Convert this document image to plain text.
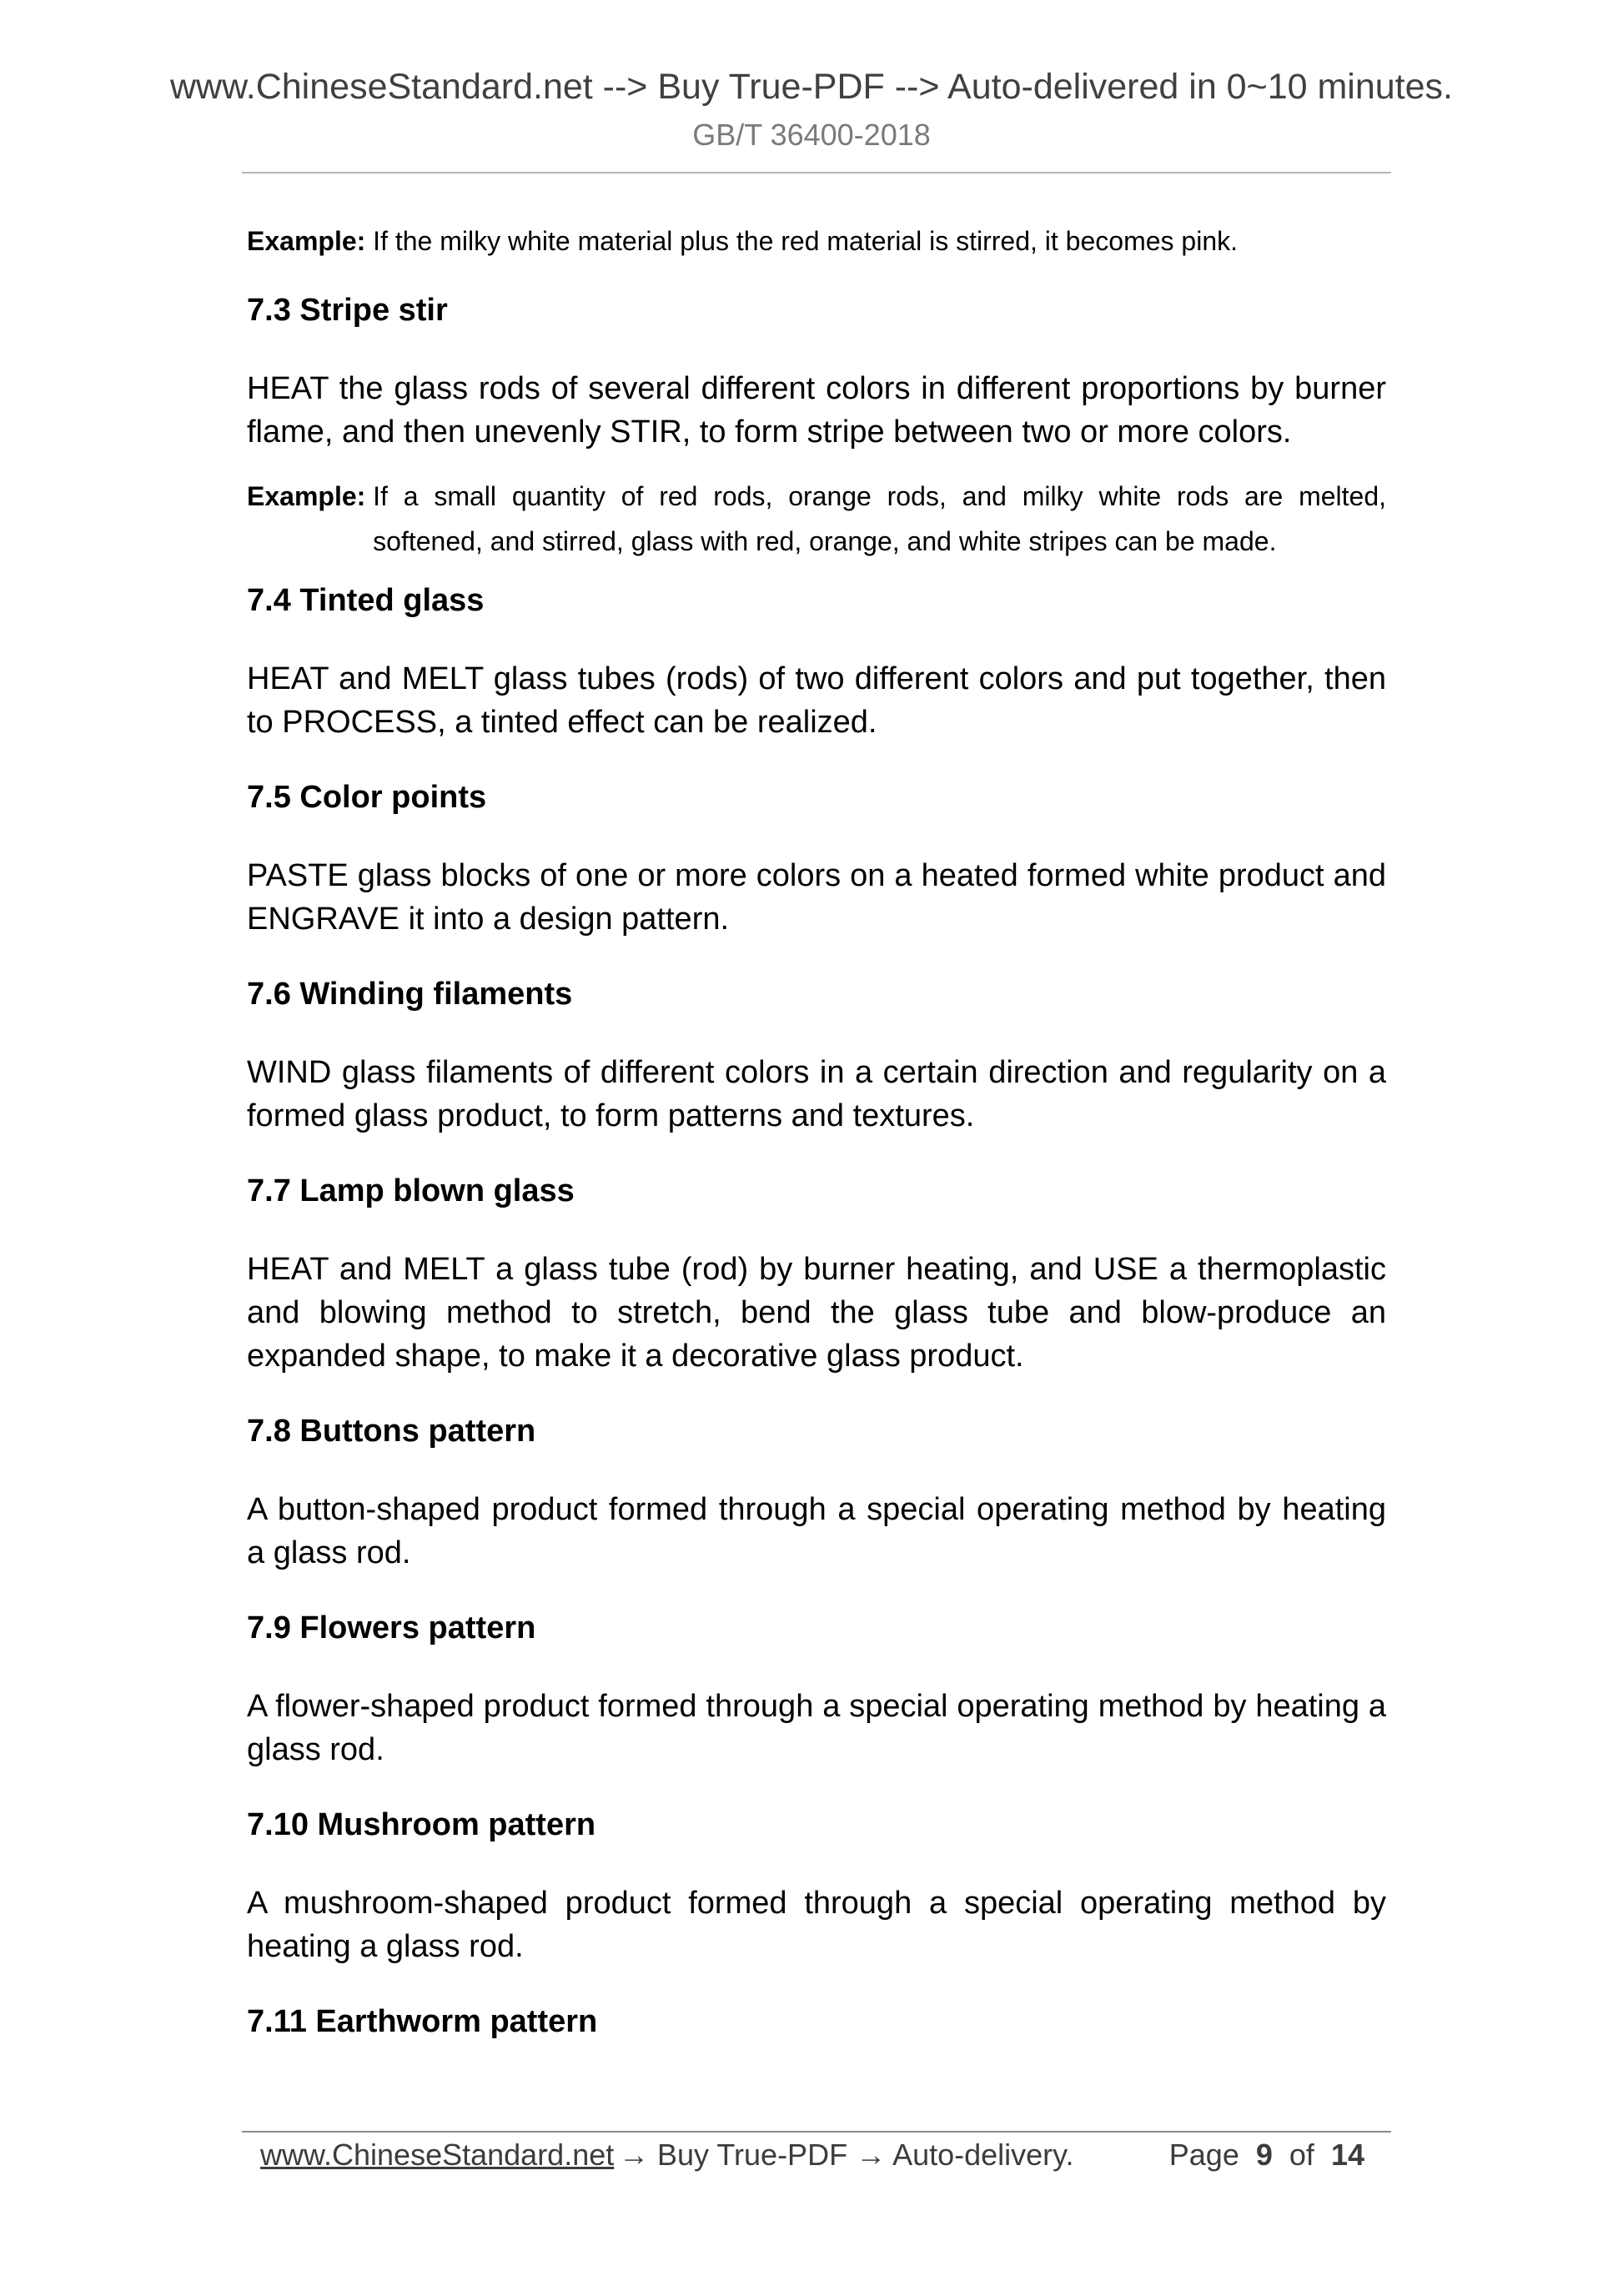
www.ChineseStandard.net --> Buy True-PDF --> Auto-delivered in 0~10 minutes.
GB/T 36400-2018
Example: If the milky white material plus the red material is stirred, it becomes pink.
7.3 Stripe stir

HEAT the glass rods of several different colors in different proportions by burner flame, and then unevenly STIR, to form stripe between two or more colors.

Example: If a small quantity of red rods, orange rods, and milky white rods are melted, softened, and stirred, glass with red, orange, and white stripes can be made.
7.4 Tinted glass

HEAT and MELT glass tubes (rods) of two different colors and put together, then to PROCESS, a tinted effect can be realized.

7.5 Color points

PASTE glass blocks of one or more colors on a heated formed white product and ENGRAVE it into a design pattern.

7.6 Winding filaments

WIND glass filaments of different colors in a certain direction and regularity on a formed glass product, to form patterns and textures.

7.7 Lamp blown glass

HEAT and MELT a glass tube (rod) by burner heating, and USE a thermoplastic and blowing method to stretch, bend the glass tube and blow-produce an expanded shape, to make it a decorative glass product.

7.8 Buttons pattern

A button-shaped product formed through a special operating method by heating a glass rod.

7.9 Flowers pattern

A flower-shaped product formed through a special operating method by heating a glass rod.

7.10 Mushroom pattern

A mushroom-shaped product formed through a special operating method by heating a glass rod.

7.11 Earthworm pattern
www.ChineseStandard.net → Buy True-PDF → Auto-delivery.	Page 9 of 14
